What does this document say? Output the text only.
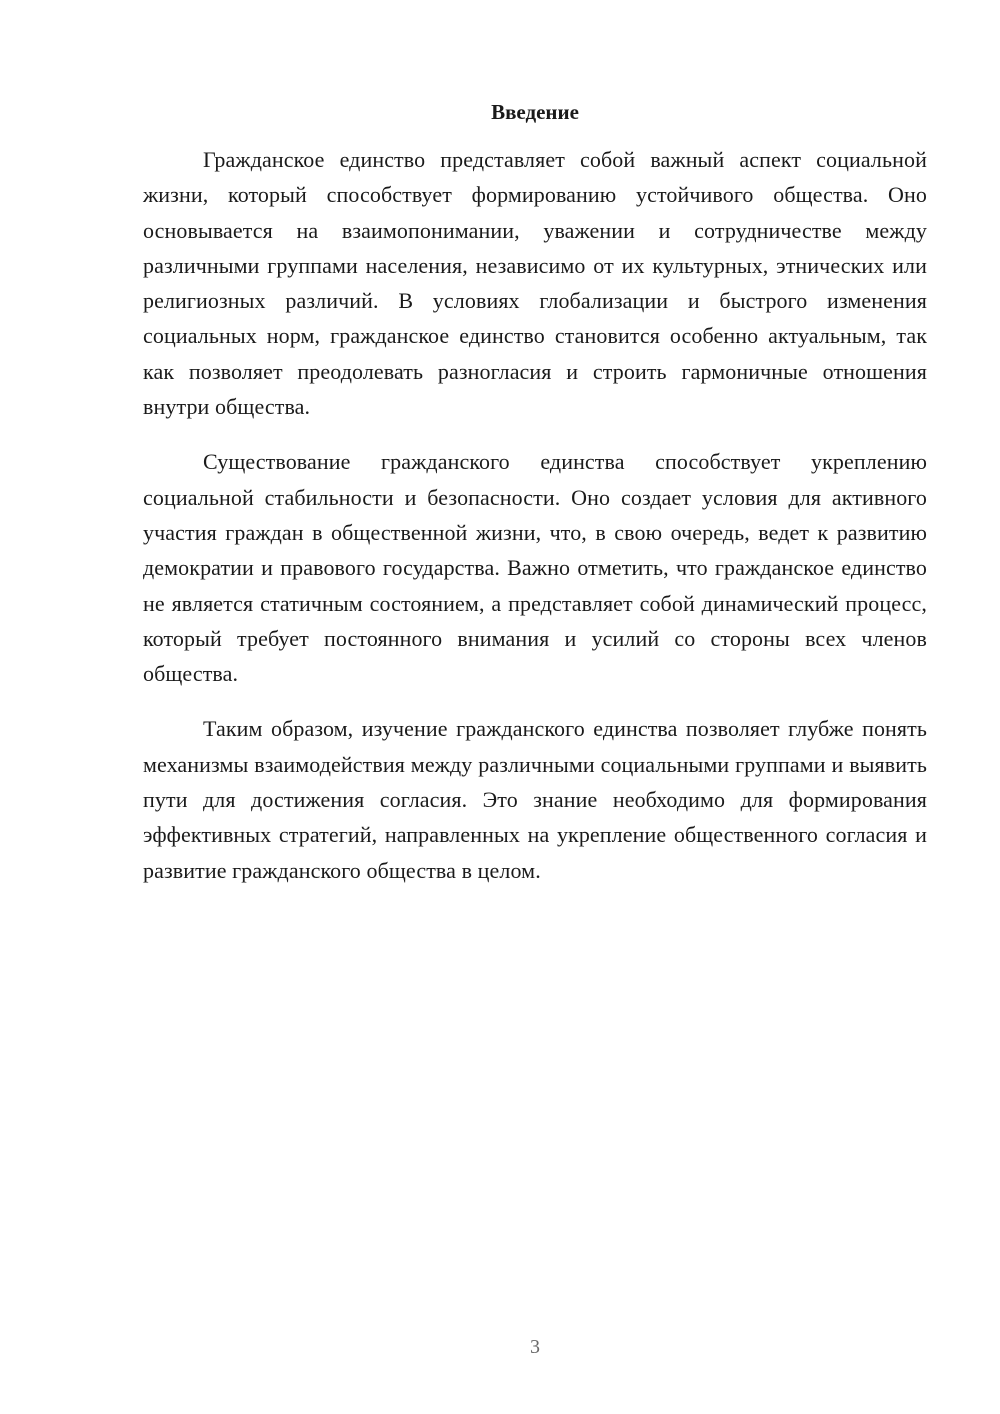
Введение

Гражданское единство представляет собой важный аспект социальной жизни, который способствует формированию устойчивого общества. Оно основывается на взаимопонимании, уважении и сотрудничестве между различными группами населения, независимо от их культурных, этнических или религиозных различий. В условиях глобализации и быстрого изменения социальных норм, гражданское единство становится особенно актуальным, так как позволяет преодолевать разногласия и строить гармоничные отношения внутри общества.

Существование гражданского единства способствует укреплению социальной стабильности и безопасности. Оно создает условия для активного участия граждан в общественной жизни, что, в свою очередь, ведет к развитию демократии и правового государства. Важно отметить, что гражданское единство не является статичным состоянием, а представляет собой динамический процесс, который требует постоянного внимания и усилий со стороны всех членов общества.

Таким образом, изучение гражданского единства позволяет глубже понять механизмы взаимодействия между различными социальными группами и выявить пути для достижения согласия. Это знание необходимо для формирования эффективных стратегий, направленных на укрепление общественного согласия и развитие гражданского общества в целом.

3
